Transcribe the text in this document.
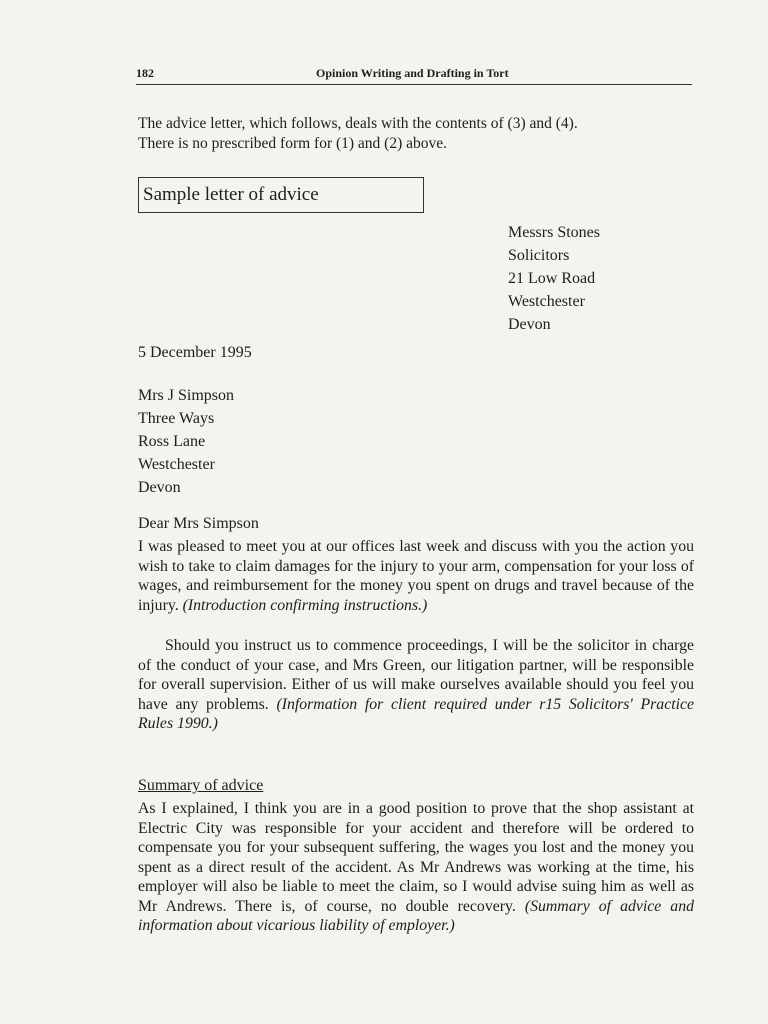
182	Opinion Writing and Drafting in Tort

The advice letter, which follows, deals with the contents of (3) and (4).
There is no prescribed form for (1) and (2) above.

Sample letter of advice

Messrs Stones
Solicitors
21 Low Road
Westchester
Devon

5 December 1995

Mrs J Simpson
Three Ways
Ross Lane
Westchester
Devon

Dear Mrs Simpson

I was pleased to meet you at our offices last week and discuss with you the action you wish to take to claim damages for the injury to your arm, compensation for your loss of wages, and reimbursement for the money you spent on drugs and travel because of the injury. (Introduction confirming instructions.)

Should you instruct us to commence proceedings, I will be the solicitor in charge of the conduct of your case, and Mrs Green, our litigation partner, will be responsible for overall supervision. Either of us will make ourselves available should you feel you have any problems. (Information for client required under r15 Solicitors' Practice Rules 1990.)

Summary of advice

As I explained, I think you are in a good position to prove that the shop assistant at Electric City was responsible for your accident and therefore will be ordered to compensate you for your subsequent suffering, the wages you lost and the money you spent as a direct result of the accident. As Mr Andrews was working at the time, his employer will also be liable to meet the claim, so I would advise suing him as well as Mr Andrews. There is, of course, no double recovery. (Summary of advice and information about vicarious liability of employer.)
